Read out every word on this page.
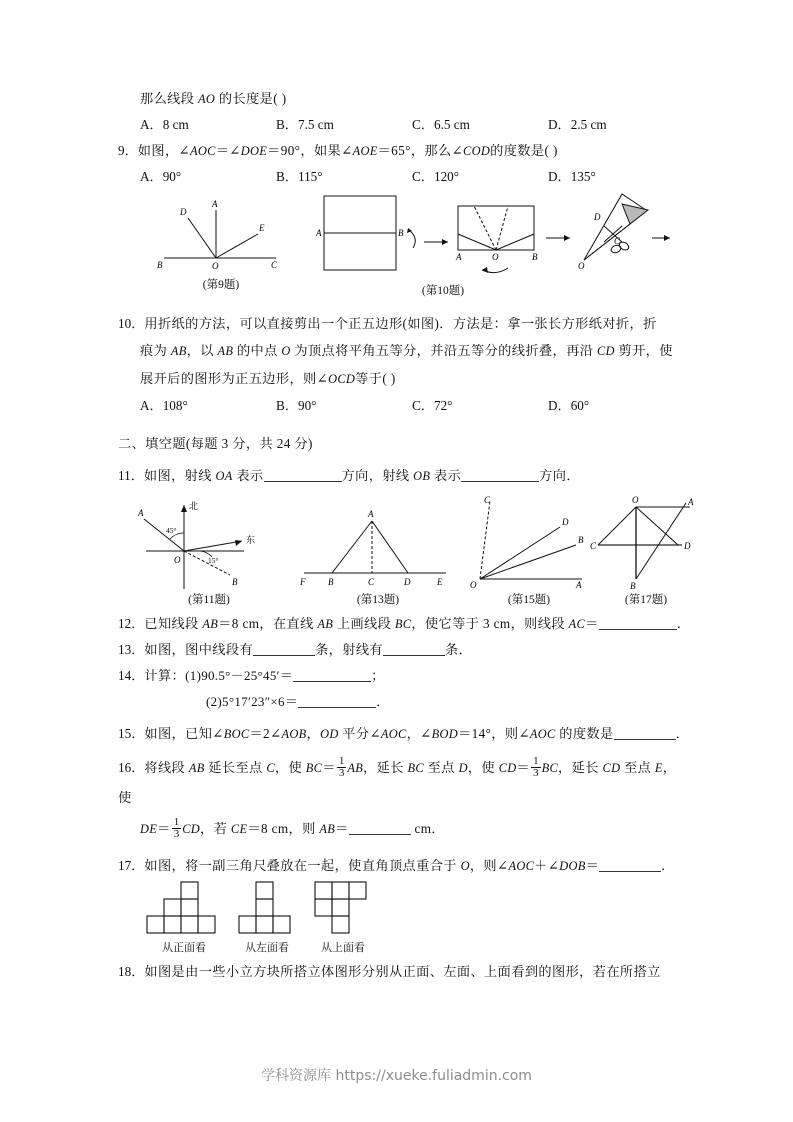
那么线段 AO 的长度是( )
A．8 cm	B．7.5 cm	C．6.5 cm	D．2.5 cm
9．如图，∠AOC＝∠DOE＝90°，如果∠AOE＝65°，那么∠COD的度数是( )
A．90°	B．115°	C．120°	D．135°
D
A
E
B	O	C
(第9题)
A	B
A	O	B
D
C
O
(第10题)
10．用折纸的方法，可以直接剪出一个正五边形(如图)．方法是：拿一张长方形纸对折，折
痕为 AB，以 AB 的中点 O 为顶点将平角五等分，并沿五等分的线折叠，再沿 CD 剪开，使
展开后的图形为正五边形，则∠OCD等于( )
A．108°	B．90°	C．72°	D．60°
二、填空题(每题 3 分，共 24 分)
11．如图，射线 OA 表示	方向，射线 OB 表示	方向．
A
北
东
O
B
45°
15°
(第11题)
A
F	B	C	D	E
(第13题)
C
D
B
O	A
(第15题)
O	A
C	D
B
(第17题)
12．已知线段 AB＝8 cm，在直线 AB 上画线段 BC，使它等于 3 cm，则线段 AC＝	．
13．如图，图中线段有	条，射线有	条．
14．计算：(1)90.5°－25°45′＝	；
(2)5°17′23″×6＝	．
15．如图，已知∠BOC＝2∠AOB，OD 平分∠AOC，∠BOD＝14°，则∠AOC 的度数是	．
16．将线段 AB 延长至点 C，使 $BC= \frac{1}{3}$ AB，延长 BC 至点 D，使 $CD= \frac{1}{3}$ BC，延长 CD 至点 E，使
$DE= \frac{1}{3}$ CD，若 CE＝8 cm，则 AB＝	cm．
17．如图，将一副三角尺叠放在一起，使直角顶点重合于 O，则∠AOC＋∠DOB＝	．
从正面看	从左面看	从上面看
18．如图是由一些小立方块所搭立体图形分别从正面、左面、上面看到的图形，若在所搭立
学科资源库 https://xueke.fuliadmin.com
